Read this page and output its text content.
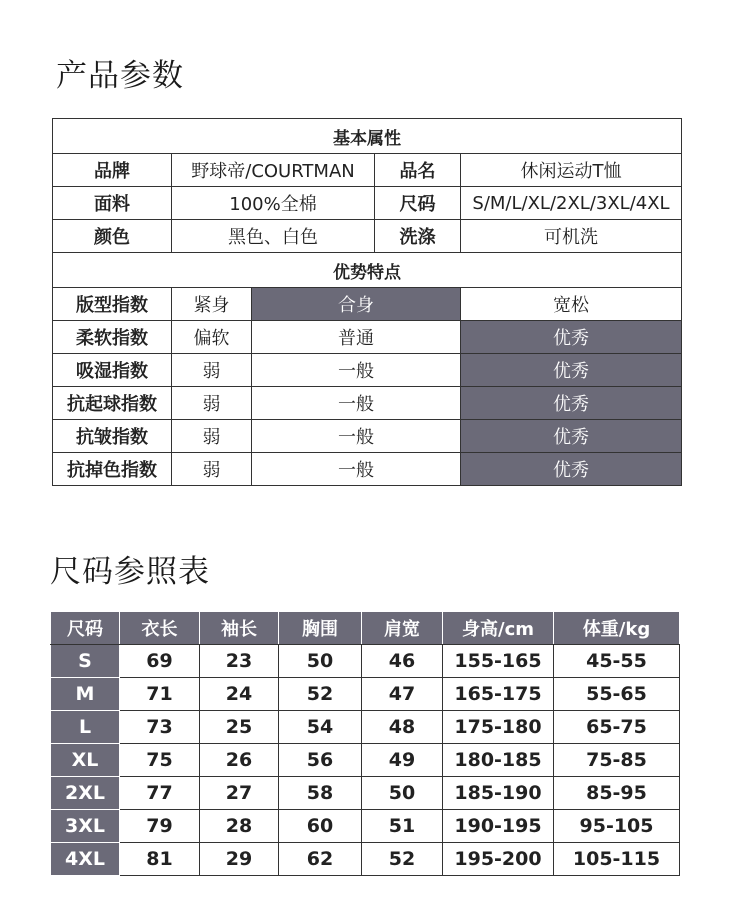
产品参数
基本属性				
品牌	野球帝/COURTMAN		品名	休闲运动T恤
面料	100%全棉		尺码	S/M/L/XL/2XL/3XL/4XL
颜色	黑色、白色		洗涤	可机洗
优势特点				
版型指数	紧身	合身		宽松
柔软指数	偏软	普通		优秀
吸湿指数	弱	一般		优秀
抗起球指数	弱	一般		优秀
抗皱指数	弱	一般		优秀
抗掉色指数	弱	一般		优秀
尺码参照表
尺码	衣长	袖长	胸围	肩宽	身高/cm	体重/kg
S	69	23	50	46	155-165	45-55
M	71	24	52	47	165-175	55-65
L	73	25	54	48	175-180	65-75
XL	75	26	56	49	180-185	75-85
2XL	77	27	58	50	185-190	85-95
3XL	79	28	60	51	190-195	95-105
4XL	81	29	62	52	195-200	105-115
